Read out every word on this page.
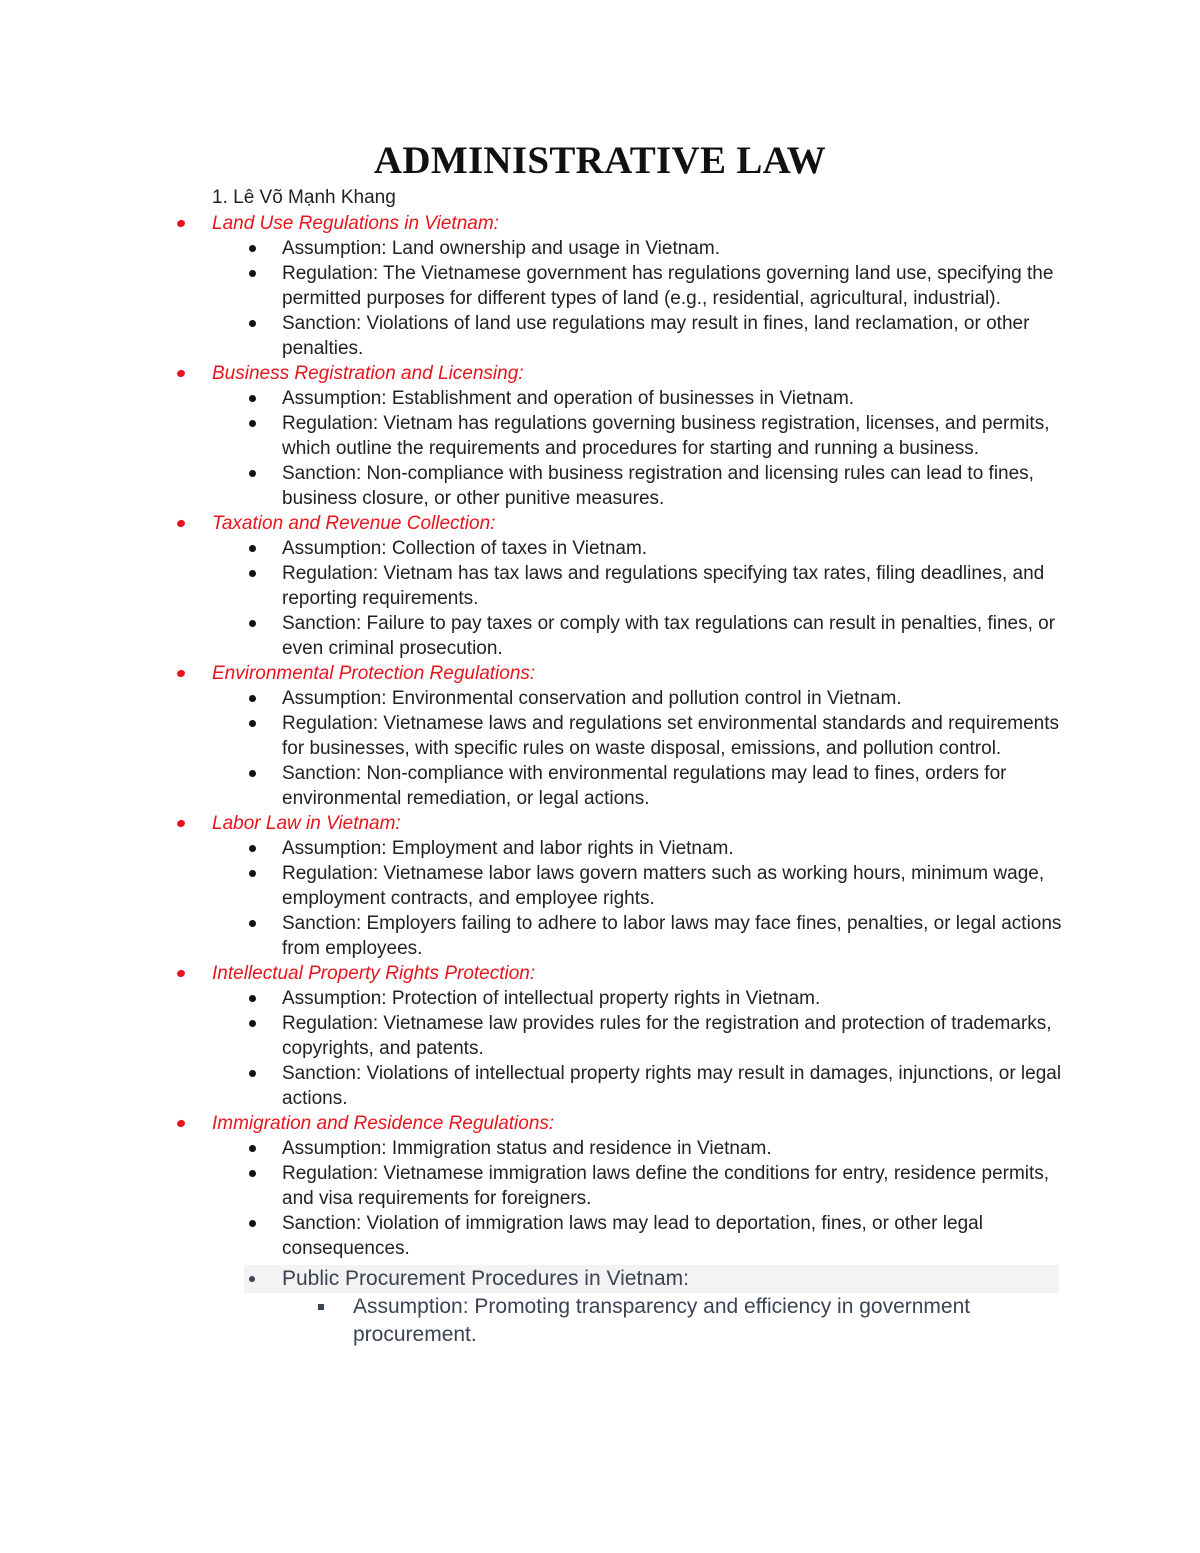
ADMINISTRATIVE LAW
1. Lê Võ Mạnh Khang
Land Use Regulations in Vietnam:
Assumption: Land ownership and usage in Vietnam.
Regulation: The Vietnamese government has regulations governing land use, specifying the permitted purposes for different types of land (e.g., residential, agricultural, industrial).
Sanction: Violations of land use regulations may result in fines, land reclamation, or other penalties.
Business Registration and Licensing:
Assumption: Establishment and operation of businesses in Vietnam.
Regulation: Vietnam has regulations governing business registration, licenses, and permits, which outline the requirements and procedures for starting and running a business.
Sanction: Non-compliance with business registration and licensing rules can lead to fines, business closure, or other punitive measures.
Taxation and Revenue Collection:
Assumption: Collection of taxes in Vietnam.
Regulation: Vietnam has tax laws and regulations specifying tax rates, filing deadlines, and reporting requirements.
Sanction: Failure to pay taxes or comply with tax regulations can result in penalties, fines, or even criminal prosecution.
Environmental Protection Regulations:
Assumption: Environmental conservation and pollution control in Vietnam.
Regulation: Vietnamese laws and regulations set environmental standards and requirements for businesses, with specific rules on waste disposal, emissions, and pollution control.
Sanction: Non-compliance with environmental regulations may lead to fines, orders for environmental remediation, or legal actions.
Labor Law in Vietnam:
Assumption: Employment and labor rights in Vietnam.
Regulation: Vietnamese labor laws govern matters such as working hours, minimum wage, employment contracts, and employee rights.
Sanction: Employers failing to adhere to labor laws may face fines, penalties, or legal actions from employees.
Intellectual Property Rights Protection:
Assumption: Protection of intellectual property rights in Vietnam.
Regulation: Vietnamese law provides rules for the registration and protection of trademarks, copyrights, and patents.
Sanction: Violations of intellectual property rights may result in damages, injunctions, or legal actions.
Immigration and Residence Regulations:
Assumption: Immigration status and residence in Vietnam.
Regulation: Vietnamese immigration laws define the conditions for entry, residence permits, and visa requirements for foreigners.
Sanction: Violation of immigration laws may lead to deportation, fines, or other legal consequences.
Public Procurement Procedures in Vietnam:
Assumption: Promoting transparency and efficiency in government procurement.
